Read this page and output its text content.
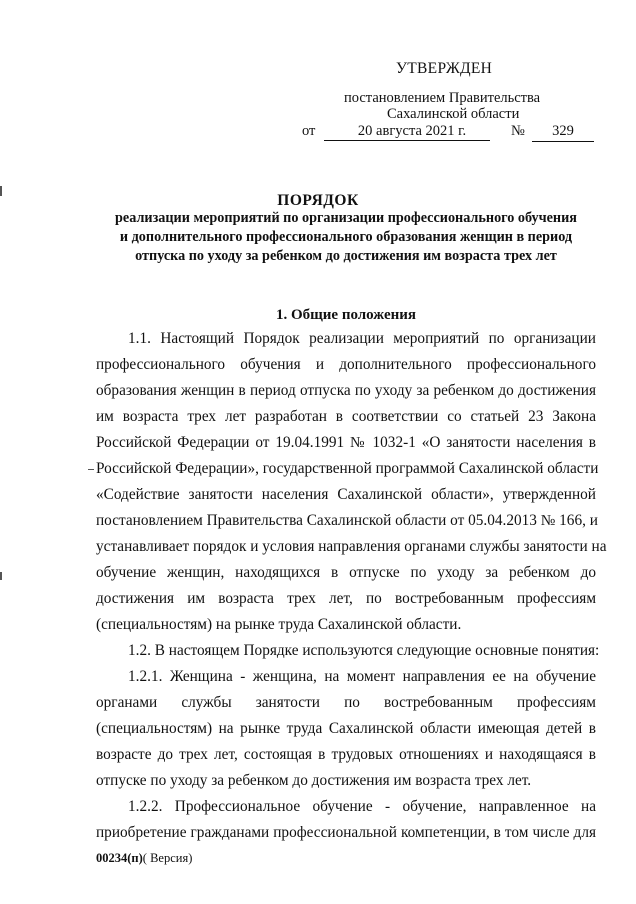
УТВЕРЖДЕН
постановлением Правительства
Сахалинской области
от	20 августа 2021 г.	№	329
ПОРЯДОК
реализации мероприятий по организации профессионального обучения
и дополнительного профессионального образования женщин в период
отпуска по уходу за ребенком до достижения им возраста трех лет
1. Общие положения
1.1. Настоящий Порядок реализации мероприятий по организации
профессионального обучения и дополнительного профессионального
образования женщин в период отпуска по уходу за ребенком до достижения
им возраста трех лет разработан в соответствии со статьей 23 Закона
Российской Федерации от 19.04.1991 № 1032-1 «О занятости населения в
Российской Федерации», государственной программой Сахалинской области
«Содействие занятости населения Сахалинской области», утвержденной
постановлением Правительства Сахалинской области от 05.04.2013 № 166, и
устанавливает порядок и условия направления органами службы занятости на
обучение женщин, находящихся в отпуске по уходу за ребенком до
достижения им возраста трех лет, по востребованным профессиям
(специальностям) на рынке труда Сахалинской области.
1.2. В настоящем Порядке используются следующие основные понятия:
1.2.1. Женщина - женщина, на момент направления ее на обучение
органами службы занятости по востребованным профессиям
(специальностям) на рынке труда Сахалинской области имеющая детей в
возрасте до трех лет, состоящая в трудовых отношениях и находящаяся в
отпуске по уходу за ребенком до достижения им возраста трех лет.
1.2.2. Профессиональное обучение - обучение, направленное на
приобретение гражданами профессиональной компетенции, в том числе для
00234(п)( Версия)
